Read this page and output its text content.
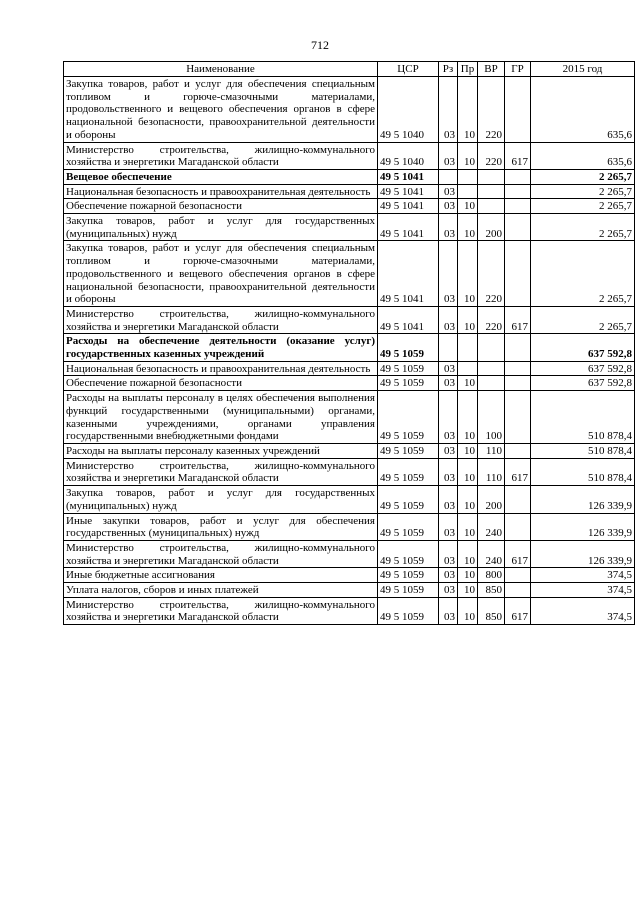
712
Наименование	ЦСР	Рз	Пр	ВР	ГР	2015 год
Закупка товаров, работ и услуг для обеспечения специальным топливом и горюче-смазочными материалами, продовольственного и вещевого обеспечения органов в сфере национальной безопасности, правоохранительной деятельности и обороны	49 5 1040	03	10	220		635,6
Министерство строительства, жилищно-коммунального хозяйства и энергетики Магаданской области	49 5 1040	03	10	220	617	635,6
Вещевое обеспечение	49 5 1041					2 265,7
Национальная безопасность и правоохранительная деятельность	49 5 1041	03				2 265,7
Обеспечение пожарной безопасности	49 5 1041	03	10			2 265,7
Закупка товаров, работ и услуг для государственных (муниципальных) нужд	49 5 1041	03	10	200		2 265,7
Закупка товаров, работ и услуг для обеспечения специальным топливом и горюче-смазочными материалами, продовольственного и вещевого обеспечения органов в сфере национальной безопасности, правоохранительной деятельности и обороны	49 5 1041	03	10	220		2 265,7
Министерство строительства, жилищно-коммунального хозяйства и энергетики Магаданской области	49 5 1041	03	10	220	617	2 265,7
Расходы на обеспечение деятельности (оказание услуг) государственных казенных учреждений	49 5 1059					637 592,8
Национальная безопасность и правоохранительная деятельность	49 5 1059	03				637 592,8
Обеспечение пожарной безопасности	49 5 1059	03	10			637 592,8
Расходы на выплаты персоналу в целях обеспечения выполнения функций государственными (муниципальными) органами, казенными учреждениями, органами управления государственными внебюджетными фондами	49 5 1059	03	10	100		510 878,4
Расходы на выплаты персоналу казенных учреждений	49 5 1059	03	10	110		510 878,4
Министерство строительства, жилищно-коммунального хозяйства и энергетики Магаданской области	49 5 1059	03	10	110	617	510 878,4
Закупка товаров, работ и услуг для государственных (муниципальных) нужд	49 5 1059	03	10	200		126 339,9
Иные закупки товаров, работ и услуг для обеспечения государственных (муниципальных) нужд	49 5 1059	03	10	240		126 339,9
Министерство строительства, жилищно-коммунального хозяйства и энергетики Магаданской области	49 5 1059	03	10	240	617	126 339,9
Иные бюджетные ассигнования	49 5 1059	03	10	800		374,5
Уплата налогов, сборов и иных платежей	49 5 1059	03	10	850		374,5
Министерство строительства, жилищно-коммунального хозяйства и энергетики Магаданской области	49 5 1059	03	10	850	617	374,5
